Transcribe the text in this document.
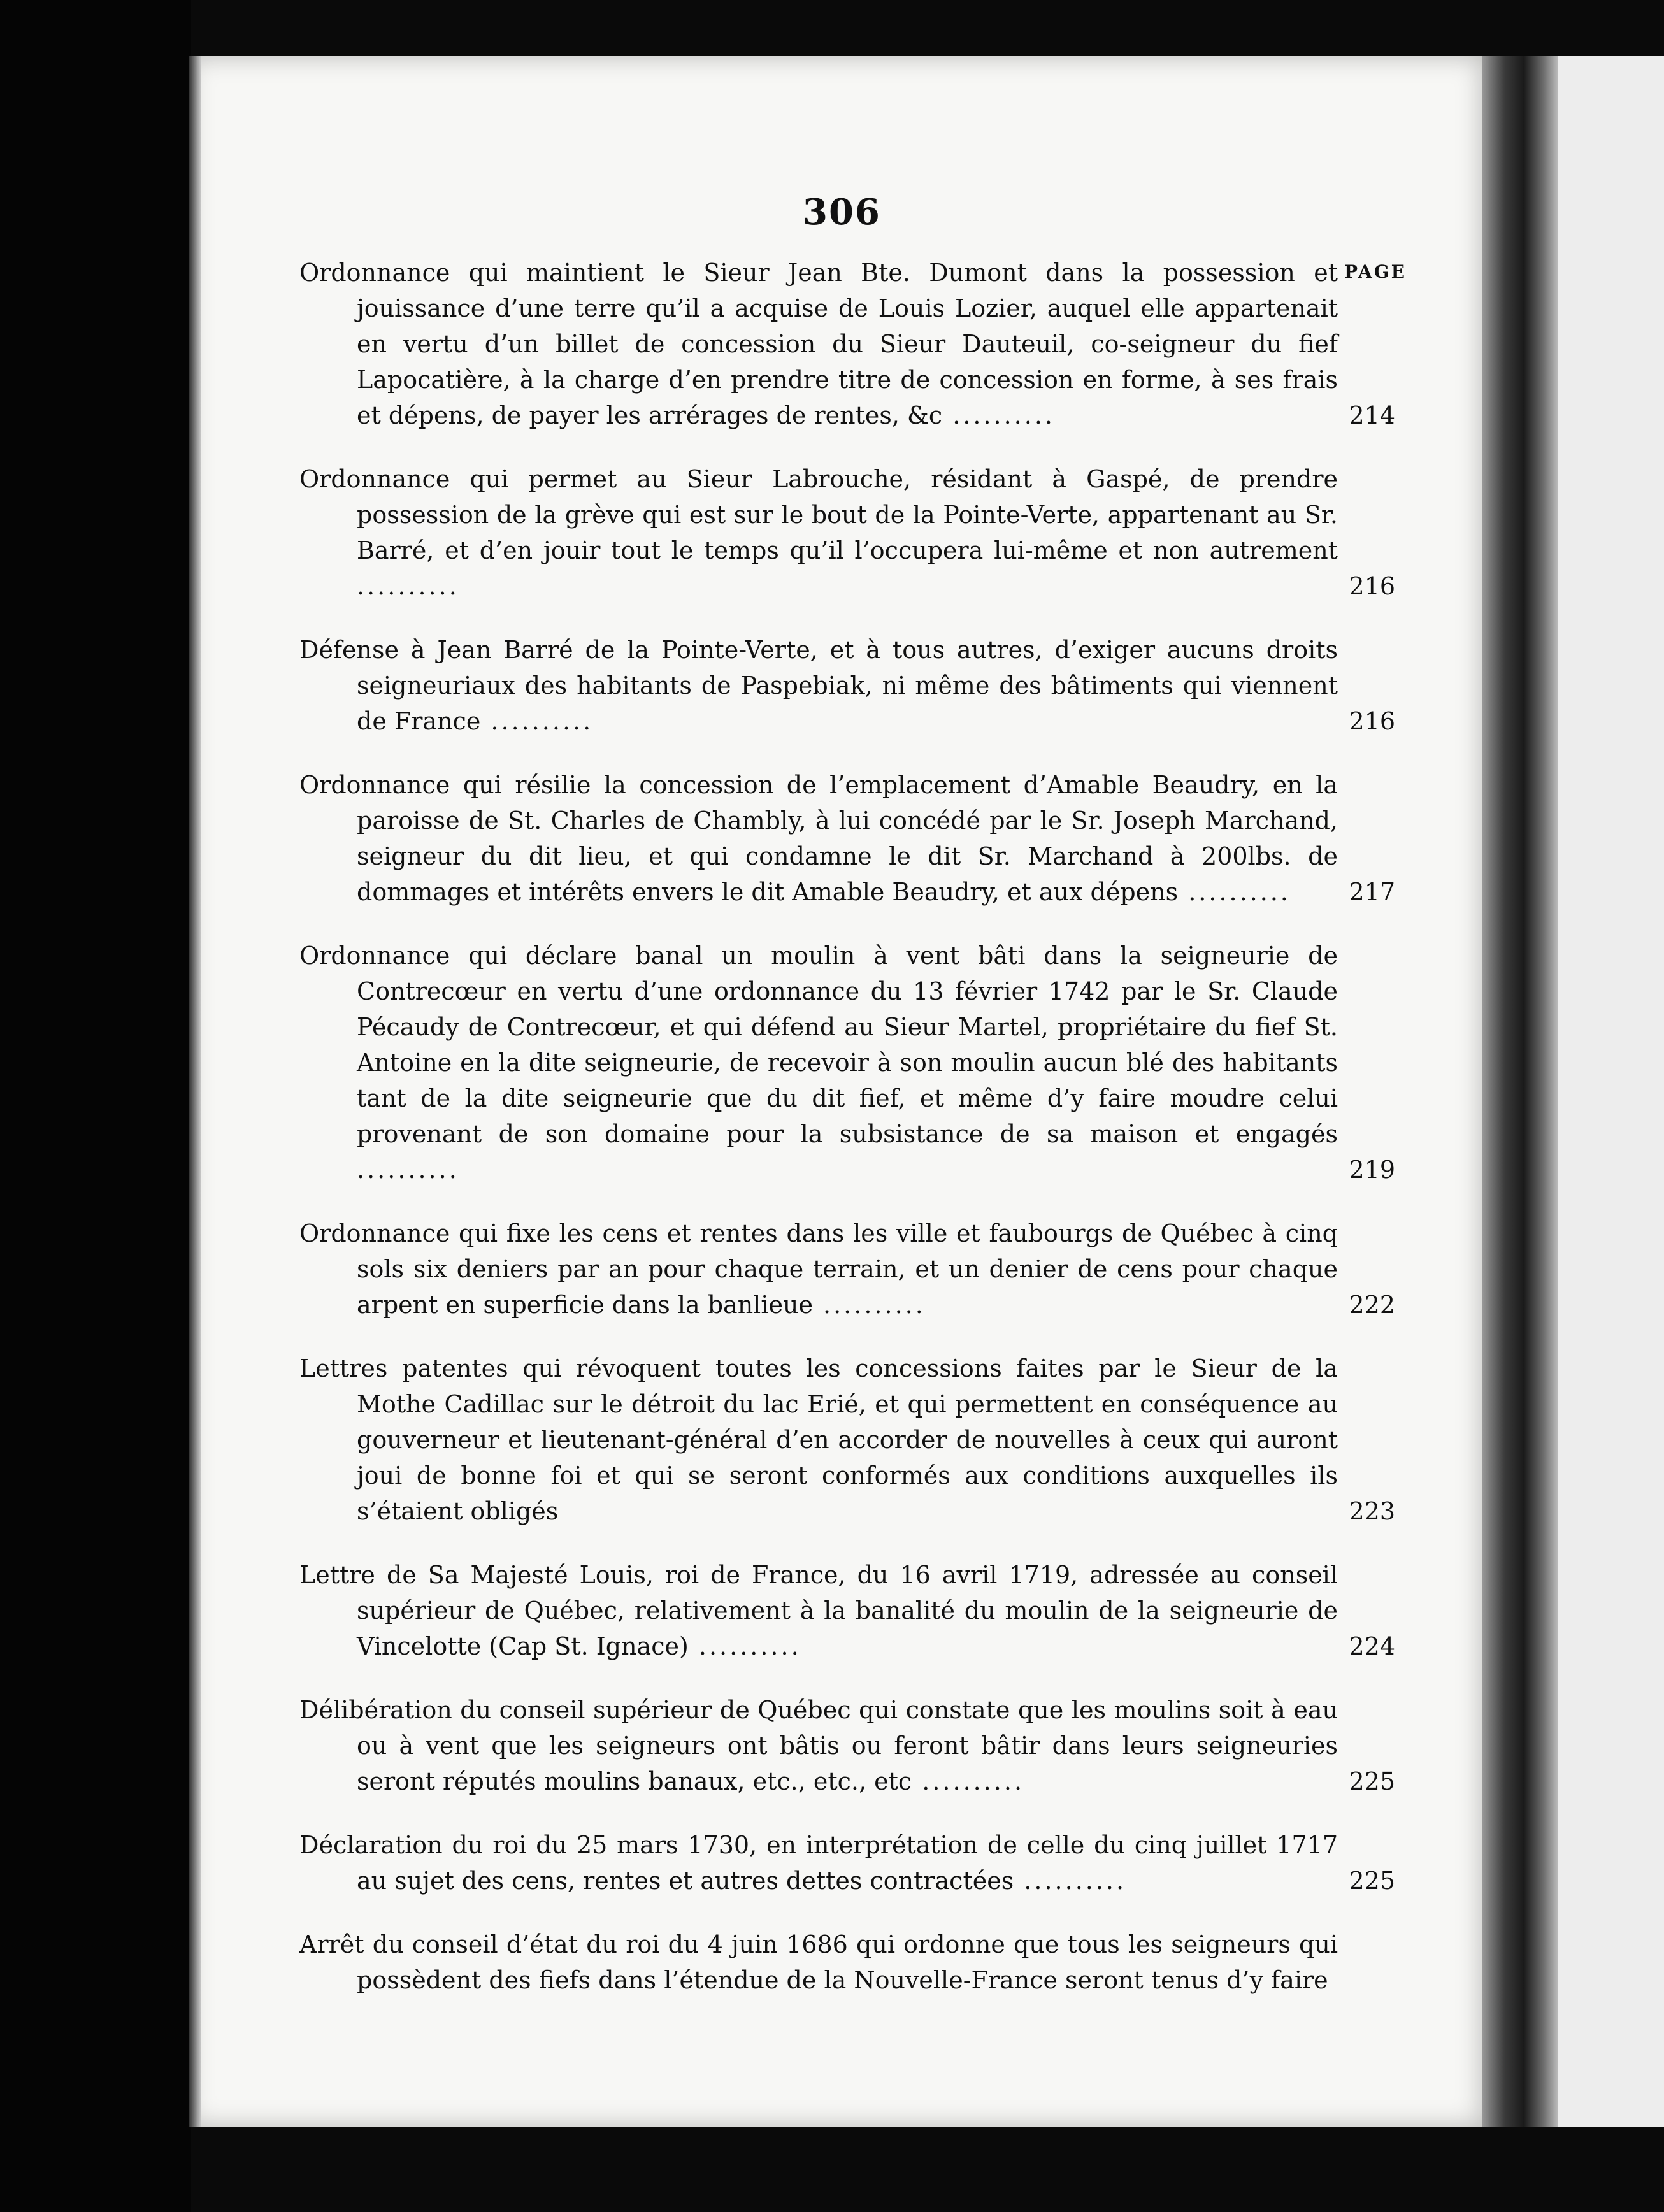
306
PAGE
Ordonnance qui maintient le Sieur Jean Bte. Dumont dans la possession et jouissance d’une terre qu’il a acquise de Louis Lozier, auquel elle appartenait en vertu d’un billet de concession du Sieur Dauteuil, co-seigneur du fief Lapocatière, à la charge d’en prendre titre de concession en forme, à ses frais et dépens, de payer les arrérages de rentes, &c ..........	214
Ordonnance qui permet au Sieur Labrouche, résidant à Gaspé, de prendre possession de la grève qui est sur le bout de la Pointe-Verte, appartenant au Sr. Barré, et d’en jouir tout le temps qu’il l’occupera lui-même et non autrement ..........	216
Défense à Jean Barré de la Pointe-Verte, et à tous autres, d’exiger aucuns droits seigneuriaux des habitants de Paspebiak, ni même des bâtiments qui viennent de France ..........	216
Ordonnance qui résilie la concession de l’emplacement d’Amable Beaudry, en la paroisse de St. Charles de Chambly, à lui concédé par le Sr. Joseph Marchand, seigneur du dit lieu, et qui condamne le dit Sr. Marchand à 200lbs. de dommages et intérêts envers le dit Amable Beaudry, et aux dépens .......... 217
Ordonnance qui déclare banal un moulin à vent bâti dans la seigneurie de Contrecœur en vertu d’une ordonnance du 13 février 1742 par le Sr. Claude Pécaudy de Contrecœur, et qui défend au Sieur Martel, propriétaire du fief St. Antoine en la dite seigneurie, de recevoir à son moulin aucun blé des habitants tant de la dite seigneurie que du dit fief, et même d’y faire moudre celui provenant de son domaine pour la subsistance de sa maison et engagés ..........	219
Ordonnance qui fixe les cens et rentes dans les ville et faubourgs de Québec à cinq sols six deniers par an pour chaque terrain, et un denier de cens pour chaque arpent en superficie dans la banlieue ..........	222
Lettres patentes qui révoquent toutes les concessions faites par le Sieur de la Mothe Cadillac sur le détroit du lac Erié, et qui permettent en conséquence au gouverneur et lieutenant-général d’en accorder de nouvelles à ceux qui auront joui de bonne foi et qui se seront conformés aux conditions auxquelles ils s’étaient obligés	223
Lettre de Sa Majesté Louis, roi de France, du 16 avril 1719, adressée au conseil supérieur de Québec, relativement à la banalité du moulin de la seigneurie de Vincelotte (Cap St. Ignace) ..........	224
Délibération du conseil supérieur de Québec qui constate que les moulins soit à eau ou à vent que les seigneurs ont bâtis ou feront bâtir dans leurs seigneuries seront réputés moulins banaux, etc., etc., etc ..........	225
Déclaration du roi du 25 mars 1730, en interprétation de celle du cinq juillet 1717 au sujet des cens, rentes et autres dettes contractées ..........	225
Arrêt du conseil d’état du roi du 4 juin 1686 qui ordonne que tous les seigneurs qui possèdent des fiefs dans l’étendue de la Nouvelle-France seront tenus d’y faire
